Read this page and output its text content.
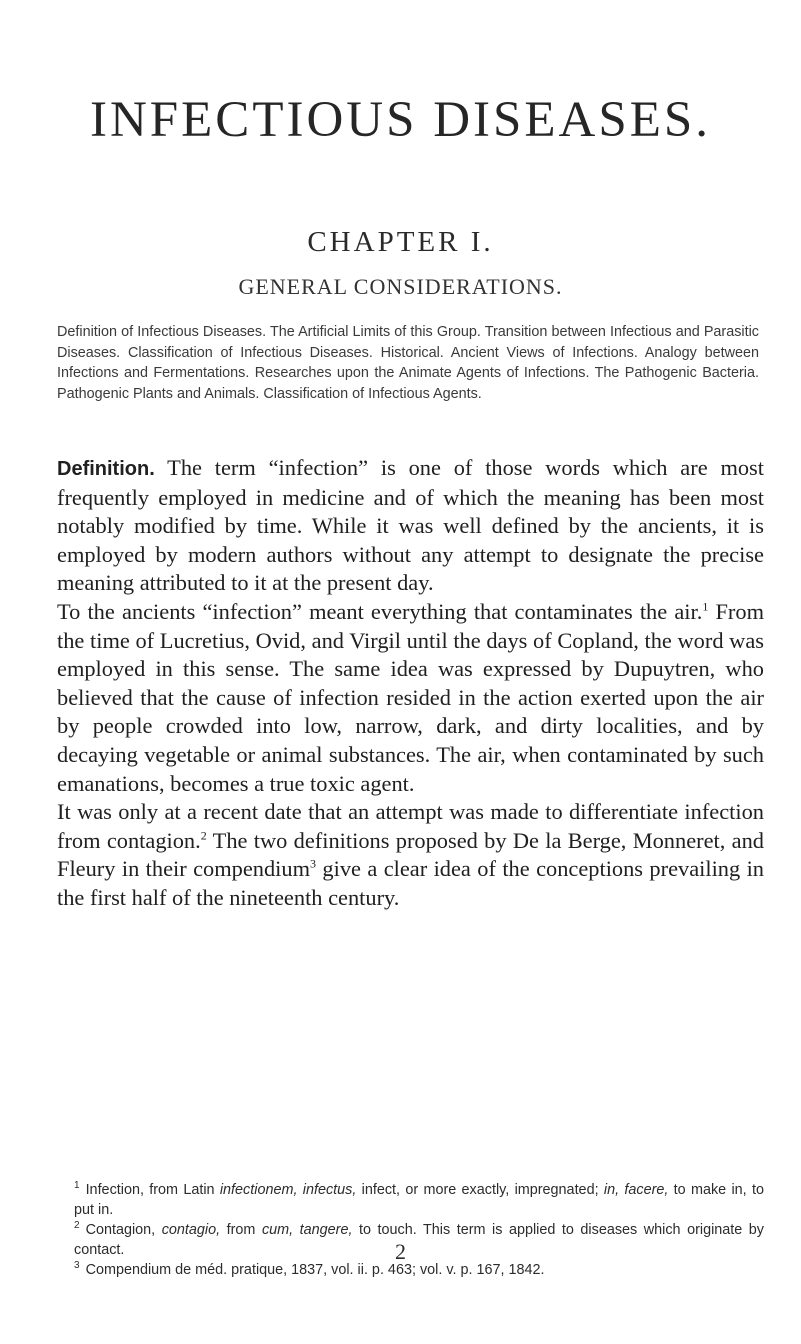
INFECTIOUS DISEASES.
CHAPTER I.
GENERAL CONSIDERATIONS.

Definition of Infectious Diseases. The Artificial Limits of this Group. Transition between Infectious and Parasitic Diseases. Classification of Infectious Diseases. Historical. Ancient Views of Infections. Analogy between Infections and Fermentations. Researches upon the Animate Agents of Infections. The Pathogenic Bacteria. Pathogenic Plants and Animals. Classification of Infectious Agents.

Definition. The term “infection” is one of those words which are most frequently employed in medicine and of which the meaning has been most notably modified by time. While it was well defined by the ancients, it is employed by modern authors without any attempt to designate the precise meaning attributed to it at the present day.

To the ancients “infection” meant everything that contaminates the air.$^1$ From the time of Lucretius, Ovid, and Virgil until the days of Copland, the word was employed in this sense. The same idea was expressed by Dupuytren, who believed that the cause of infection resided in the action exerted upon the air by people crowded into low, narrow, dark, and dirty localities, and by decaying vegetable or animal substances. The air, when contaminated by such emanations, becomes a true toxic agent.

It was only at a recent date that an attempt was made to differentiate infection from contagion.$^2$ The two definitions proposed by De la Berge, Monneret, and Fleury in their compendium$^3$ give a clear idea of the conceptions prevailing in the first half of the nineteenth century.

1 Infection, from Latin infectionem, infectus, infect, or more exactly, impregnated; in, facere, to make in, to put in.

2 Contagion, contagio, from cum, tangere, to touch. This term is applied to diseases which originate by contact.

3 Compendium de méd. pratique, 1837, vol. ii. p. 463; vol. v. p. 167, 1842.

2
